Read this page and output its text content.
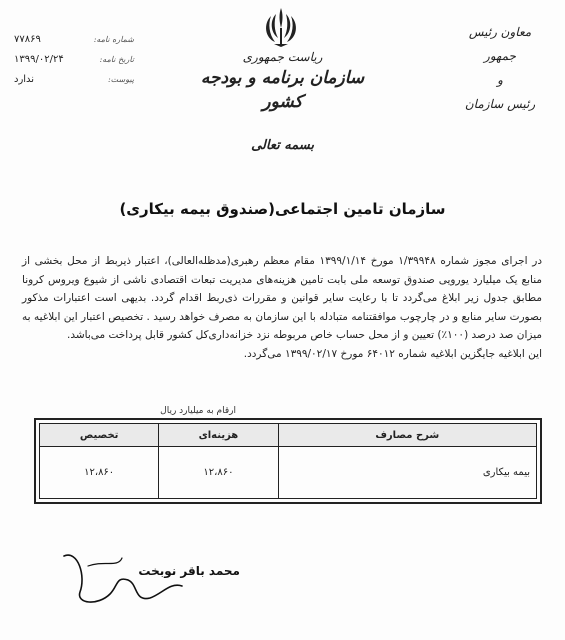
معاون رئیس جمهور
و
رئیس سازمان
ریاست جمهوری
سازمان برنامه و بودجه کشور
شماره نامه:
۷۷۸۶۹
تاریخ نامه:
۱۳۹۹/۰۲/۲۴
پیوست:
ندارد
بسمه تعالی
سازمان تامین اجتماعی(صندوق بیمه بیکاری)

در اجرای مجوز شماره ۱/۳۹۹۴۸ مورخ ۱۳۹۹/۱/۱۴ مقام معظم رهبری(مدظله‌العالی)، اعتبار ذیربط از محل بخشی از منابع یک میلیارد یورویی صندوق توسعه ملی بابت تامین هزینه‌های مدیریت تبعات اقتصادی ناشی از شیوع ویروس کرونا مطابق جدول زیر ابلاغ می‌گردد تا با رعایت سایر قوانین و مقررات ذی‌ربط اقدام گردد. بدیهی است اعتبارات مذکور بصورت سایر منابع و در چارچوب موافقتنامه متبادله با این سازمان به مصرف خواهد رسید . تخصیص اعتبار این ابلاغیه به میزان صد درصد (۱۰۰٪) تعیین و از محل حساب خاص مربوطه نزد خزانه‌داری‌کل کشور قابل پرداخت می‌باشد.

این ابلاغیه جایگزین ابلاغیه شماره ۶۴۰۱۲ مورخ ۱۳۹۹/۰۲/۱۷ می‌گردد.

ارقام به میلیارد ریال
شرح مصارف	هزینه‌ای	تخصیص
بیمه بیکاری	۱۲،۸۶۰	۱۲،۸۶۰
محمد باقر نوبخت
